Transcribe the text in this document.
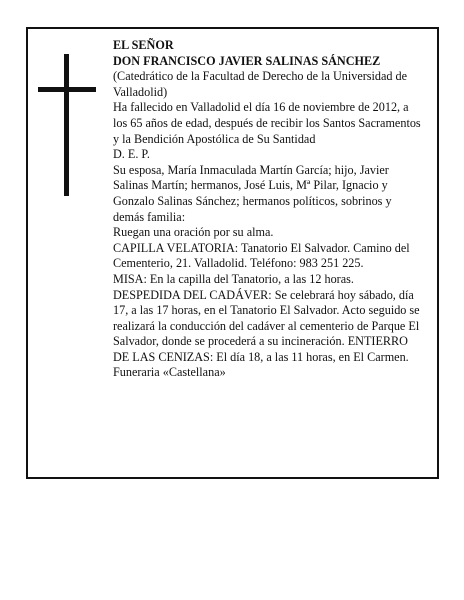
EL SEÑOR

DON FRANCISCO JAVIER SALINAS SÁNCHEZ

(Catedrático de la Facultad de Derecho de la Universidad de Valladolid)

Ha fallecido en Valladolid el día 16 de noviembre de 2012, a los 65 años de edad, después de recibir los Santos Sacramentos y la Bendición Apostólica de Su Santidad

D. E. P.

Su esposa, María Inmaculada Martín García; hijo, Javier Salinas Martín; hermanos, José Luis, Mª Pilar, Ignacio y Gonzalo Salinas Sánchez; hermanos políticos, sobrinos y demás familia:

Ruegan una oración por su alma.

CAPILLA VELATORIA: Tanatorio El Salvador. Camino del Cementerio, 21. Valladolid. Teléfono: 983 251 225.

MISA: En la capilla del Tanatorio, a las 12 horas.

DESPEDIDA DEL CADÁVER: Se celebrará hoy sábado, día 17, a las 17 horas, en el Tanatorio El Salvador. Acto seguido se realizará la conducción del cadáver al cementerio de Parque El Salvador, donde se procederá a su incineración. ENTIERRO DE LAS CENIZAS: El día 18, a las 11 horas, en El Carmen.

Funeraria «Castellana»
